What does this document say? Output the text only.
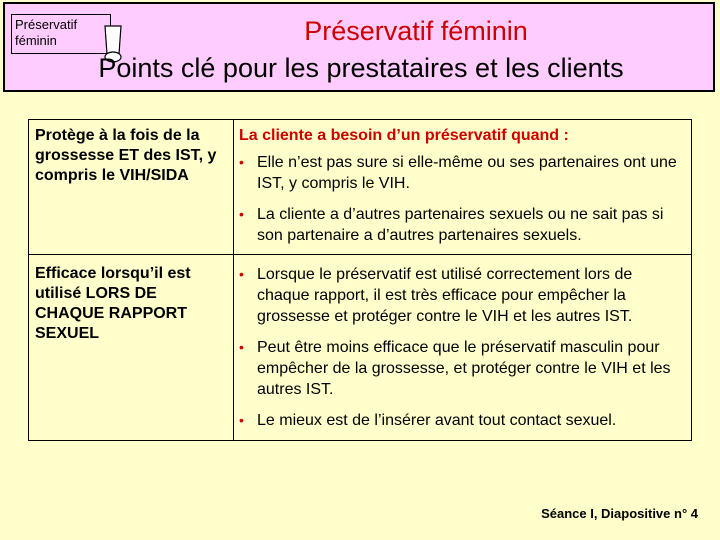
Préservatif
féminin	Préservatif féminin
Points clé pour les prestataires et les clients
Protège à la fois de la grossesse ET des IST, y compris le VIH/SIDA

La cliente a besoin d’un préservatif quand :

• Elle n’est pas sure si elle-même ou ses partenaires ont une IST, y compris le VIH.

• La cliente a d’autres partenaires sexuels ou ne sait pas si son partenaire a d’autres partenaires sexuels.

Efficace lorsqu’il est utilisé LORS DE CHAQUE RAPPORT SEXUEL

• Lorsque le préservatif est utilisé correctement lors de chaque rapport, il est très efficace pour empêcher la grossesse et protéger contre le VIH et les autres IST.

• Peut être moins efficace que le préservatif masculin pour empêcher de la grossesse, et protéger contre le VIH et les autres IST.

• Le mieux est de l’insérer avant tout contact sexuel.

Séance I, Diapositive n° 4
